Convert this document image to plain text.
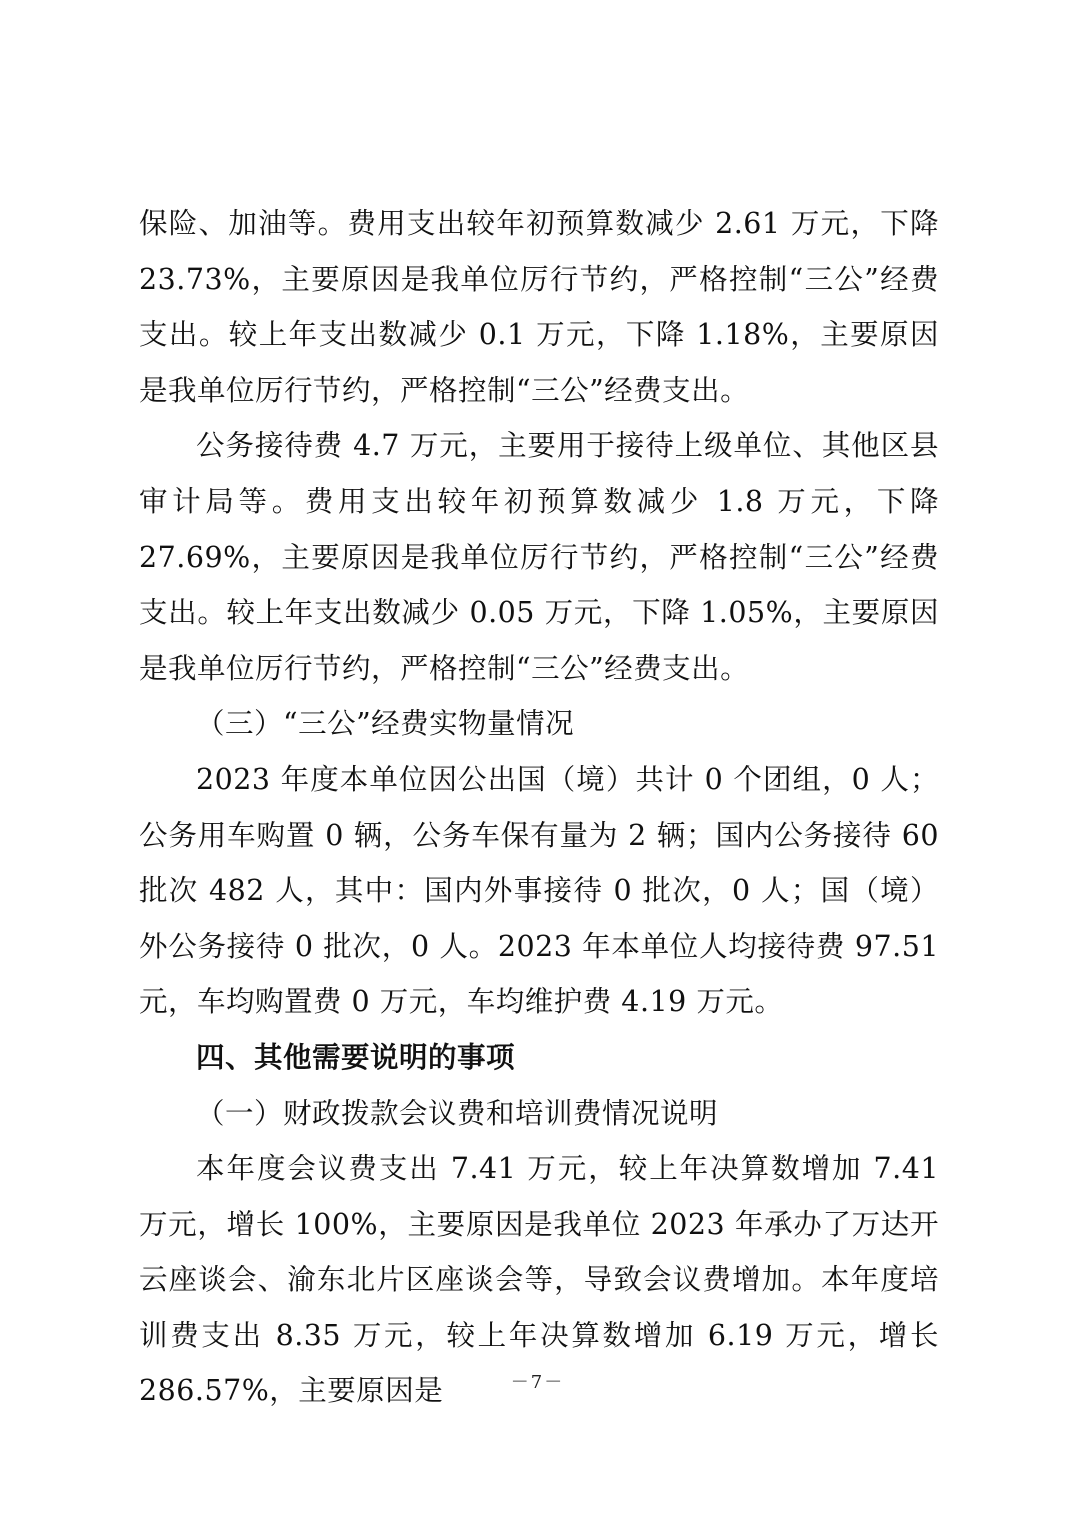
保险、加油等。费用支出较年初预算数减少 2.61 万元，下降 23.73%，主要原因是我单位厉行节约，严格控制“三公”经费支出。较上年支出数减少 0.1 万元，下降 1.18%，主要原因是我单位厉行节约，严格控制“三公”经费支出。

公务接待费 4.7 万元，主要用于接待上级单位、其他区县审计局等。费用支出较年初预算数减少 1.8 万元，下降 27.69%，主要原因是我单位厉行节约，严格控制“三公”经费支出。较上年支出数减少 0.05 万元，下降 1.05%，主要原因是我单位厉行节约，严格控制“三公”经费支出。

（三）“三公”经费实物量情况

2023 年度本单位因公出国（境）共计 0 个团组，0 人；公务用车购置 0 辆，公务车保有量为 2 辆；国内公务接待 60 批次 482 人，其中：国内外事接待 0 批次，0 人；国（境）外公务接待 0 批次，0 人。2023 年本单位人均接待费 97.51 元，车均购置费 0 万元，车均维护费 4.19 万元。

四、其他需要说明的事项

（一）财政拨款会议费和培训费情况说明

本年度会议费支出 7.41 万元，较上年决算数增加 7.41 万元，增长 100%，主要原因是我单位 2023 年承办了万达开云座谈会、渝东北片区座谈会等，导致会议费增加。本年度培训费支出 8.35 万元，较上年决算数增加 6.19 万元，增长 286.57%，主要原因是	－7－
